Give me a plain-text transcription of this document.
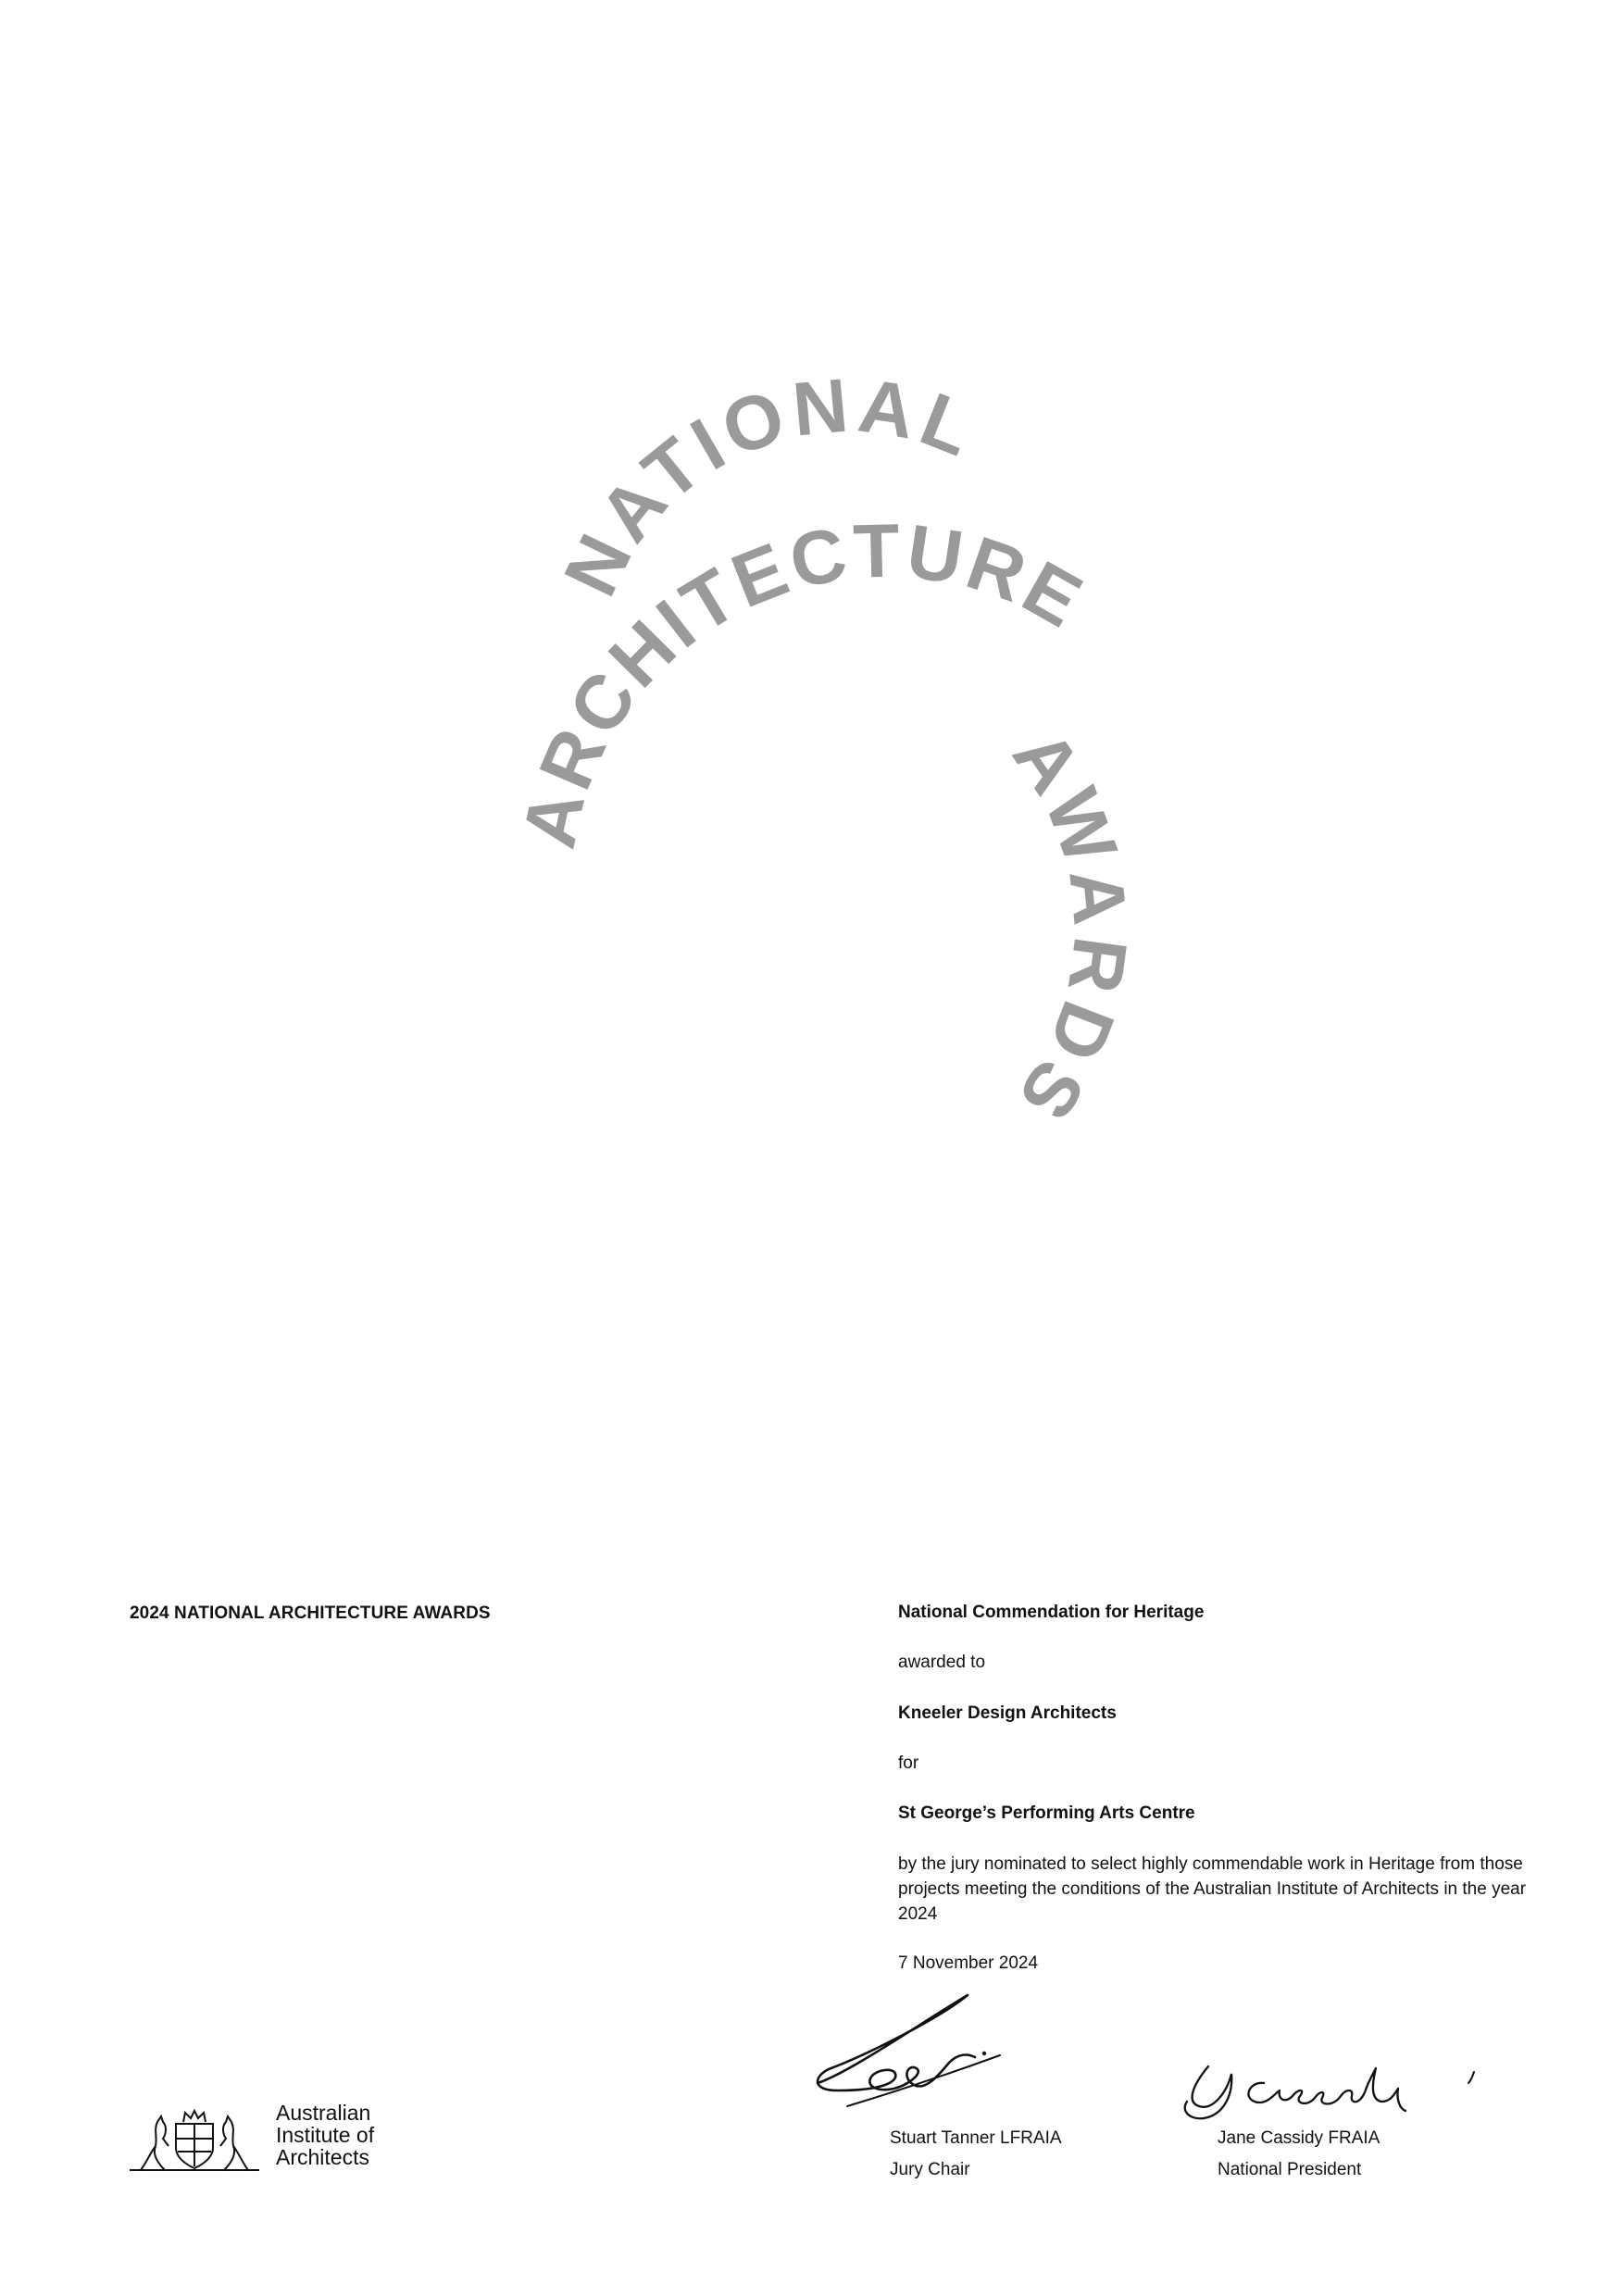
NATIONAL
ARCHITECTURE
AWARDS
2024 NATIONAL ARCHITECTURE AWARDS	National Commendation for Heritage
awarded to
Kneeler Design Architects
for
St George’s Performing Arts Centre
by the jury nominated to select highly commendable work in Heritage from those projects meeting the conditions of the Australian Institute of Architects in the year 2024
7 November 2024
Stuart Tanner LFRAIA
Jury Chair
Jane Cassidy FRAIA
National President
Australian
Institute of
Architects
